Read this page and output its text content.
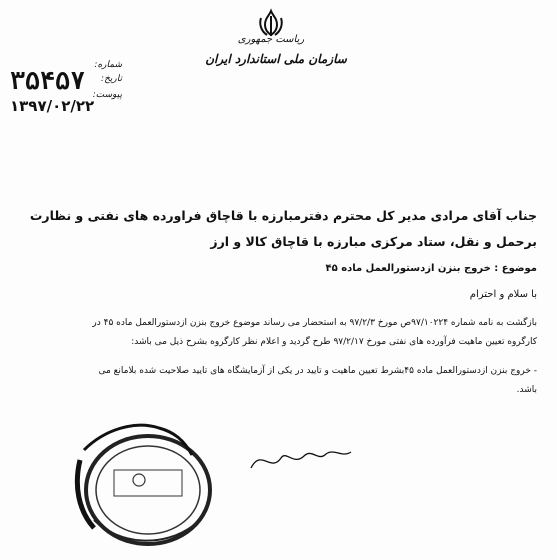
ریاست جمهوری
سازمان ملی استاندارد ایران
شماره:
تاریخ:
پیوست:
۳۵۴۵۷
۱۳۹۷/۰۲/۲۲
جناب آقای مرادی مدیر کل محترم دفترمبارزه با قاچاق فراورده های نفتی و نظارت
برحمل و نقل، ستاد مرکزی مبارزه با قاچاق کالا و ارز
موضوع : خروج بنزن ازدستورالعمل ماده ۴۵
با سلام و احترام
بازگشت به نامه شماره ۹۷/۱۰۲۲۴ص مورخ ۹۷/۲/۳ به استحضار می رساند موضوع خروج بنزن ازدستورالعمل ماده ۴۵ در
کارگروه تعیین ماهیت فرآورده های نفتی مورخ ۹۷/۲/۱۷ طرح گردید و اعلام نظر کارگروه بشرح ذیل می باشد:
- خروج بنزن ازدستورالعمل ماده ۴۵بشرط تعیین ماهیت و تایید در یکی از آزمایشگاه های تایید صلاحیت شده بلامانع می
باشد.
